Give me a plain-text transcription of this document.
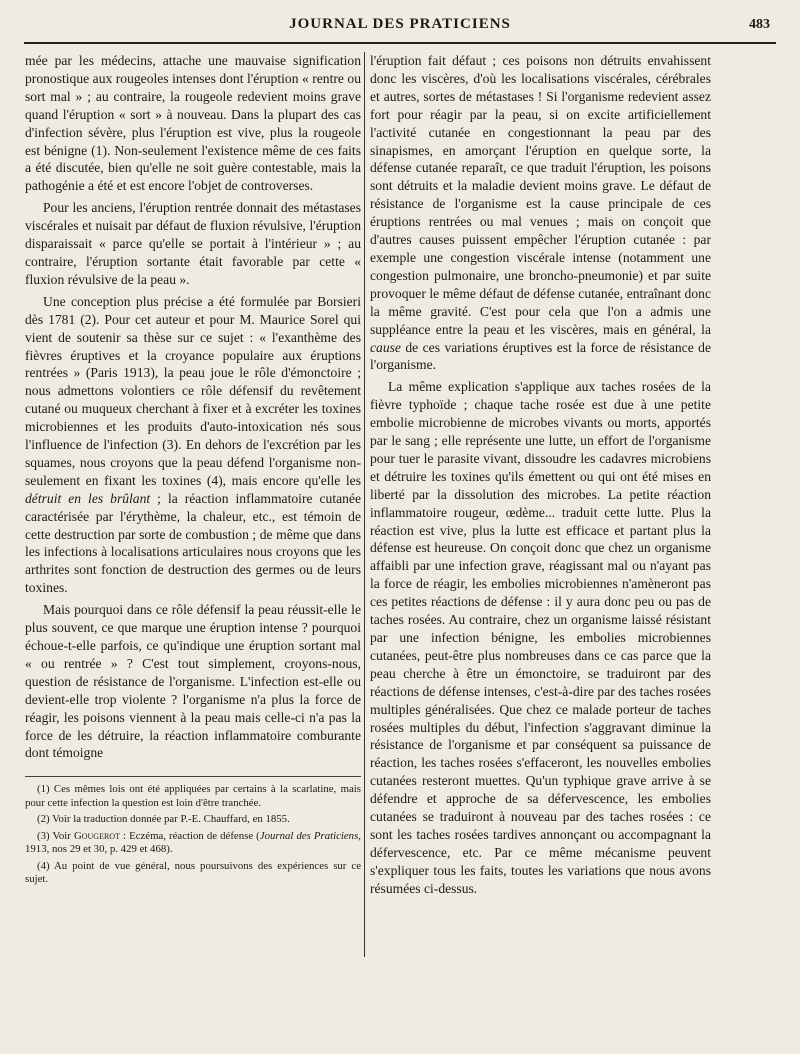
JOURNAL DES PRATICIENS	483

mée par les médecins, attache une mauvaise signification pronostique aux rougeoles intenses dont l'éruption « rentre ou sort mal » ; au contraire, la rougeole redevient moins grave quand l'éruption « sort » à nouveau. Dans la plupart des cas d'infection sévère, plus l'éruption est vive, plus la rougeole est bénigne (1). Non-seulement l'existence même de ces faits a été discutée, bien qu'elle ne soit guère contestable, mais la pathogénie a été et est encore l'objet de controverses.

Pour les anciens, l'éruption rentrée donnait des métastases viscérales et nuisait par défaut de fluxion révulsive, l'éruption disparaissait « parce qu'elle se portait à l'intérieur » ; au contraire, l'éruption sortante était favorable par cette « fluxion révulsive de la peau ».

Une conception plus précise a été formulée par Borsieri dès 1781 (2). Pour cet auteur et pour M. Maurice Sorel qui vient de soutenir sa thèse sur ce sujet : « l'exanthème des fièvres éruptives et la croyance populaire aux éruptions rentrées » (Paris 1913), la peau joue le rôle d'émonctoire ; nous admettons volontiers ce rôle défensif du revêtement cutané ou muqueux cherchant à fixer et à excréter les toxines microbiennes et les produits d'auto-intoxication nés sous l'influence de l'infection (3). En dehors de l'excrétion par les squames, nous croyons que la peau défend l'organisme non-seulement en fixant les toxines (4), mais encore qu'elle les détruit en les brûlant ; la réaction inflammatoire cutanée caractérisée par l'érythème, la chaleur, etc., est témoin de cette destruction par sorte de combustion ; de même que dans les infections à localisations articulaires nous croyons que les arthrites sont fonction de destruction des germes ou de leurs toxines.

Mais pourquoi dans ce rôle défensif la peau réussit-elle le plus souvent, ce que marque une éruption intense ? pourquoi échoue-t-elle parfois, ce qu'indique une éruption sortant mal « ou rentrée » ? C'est tout simplement, croyons-nous, question de résistance de l'organisme. L'infection est-elle ou devient-elle trop violente ? l'organisme n'a plus la force de réagir, les poisons viennent à la peau mais celle-ci n'a pas la force de les détruire, la réaction inflammatoire comburante dont témoigne

(1) Ces mêmes lois ont été appliquées par certains à la scarlatine, mais pour cette infection la question est loin d'être tranchée.

(2) Voir la traduction donnée par P.-E. Chauffard, en 1855.

(3) Voir Gougerot : Eczéma, réaction de défense (Journal des Praticiens, 1913, nos 29 et 30, p. 429 et 468).

(4) Au point de vue général, nous poursuivons des expériences sur ce sujet.

l'éruption fait défaut ; ces poisons non détruits envahissent donc les viscères, d'où les localisations viscérales, cérébrales et autres, sortes de métastases ! Si l'organisme redevient assez fort pour réagir par la peau, si on excite artificiellement l'activité cutanée en congestionnant la peau par des sinapismes, en amorçant l'éruption en quelque sorte, la défense cutanée reparaît, ce que traduit l'éruption, les poisons sont détruits et la maladie devient moins grave. Le défaut de résistance de l'organisme est la cause principale de ces éruptions rentrées ou mal venues ; mais on conçoit que d'autres causes puissent empêcher l'éruption cutanée : par exemple une congestion viscérale intense (notamment une congestion pulmonaire, une broncho-pneumonie) et par suite provoquer le même défaut de défense cutanée, entraînant donc la même gravité. C'est pour cela que l'on a admis une suppléance entre la peau et les viscères, mais en général, la cause de ces variations éruptives est la force de résistance de l'organisme.

La même explication s'applique aux taches rosées de la fièvre typhoïde ; chaque tache rosée est due à une petite embolie microbienne de microbes vivants ou morts, apportés par le sang ; elle représente une lutte, un effort de l'organisme pour tuer le parasite vivant, dissoudre les cadavres microbiens et détruire les toxines qu'ils émettent ou qui ont été mises en liberté par la dissolution des microbes. La petite réaction inflammatoire rougeur, œdème... traduit cette lutte. Plus la réaction est vive, plus la lutte est efficace et partant plus la défense est heureuse. On conçoit donc que chez un organisme affaibli par une infection grave, réagissant mal ou n'ayant pas la force de réagir, les embolies microbiennes n'amèneront pas ces petites réactions de défense : il y aura donc peu ou pas de taches rosées. Au contraire, chez un organisme laissé résistant par une infection bénigne, les embolies microbiennes cutanées, peut-être plus nombreuses dans ce cas parce que la peau cherche à être un émonctoire, se traduiront par des réactions de défense intenses, c'est-à-dire par des taches rosées multiples généralisées. Que chez ce malade porteur de taches rosées multiples du début, l'infection s'aggravant diminue la résistance de l'organisme et par conséquent sa puissance de réaction, les taches rosées s'effaceront, les nouvelles embolies cutanées resteront muettes. Qu'un typhique grave arrive à se défendre et approche de sa défervescence, les embolies cutanées se traduiront à nouveau par des taches rosées : ce sont les taches rosées tardives annonçant ou accompagnant la défervescence, etc. Par ce même mécanisme peuvent s'expliquer tous les faits, toutes les variations que nous avons résumées ci-dessus.
